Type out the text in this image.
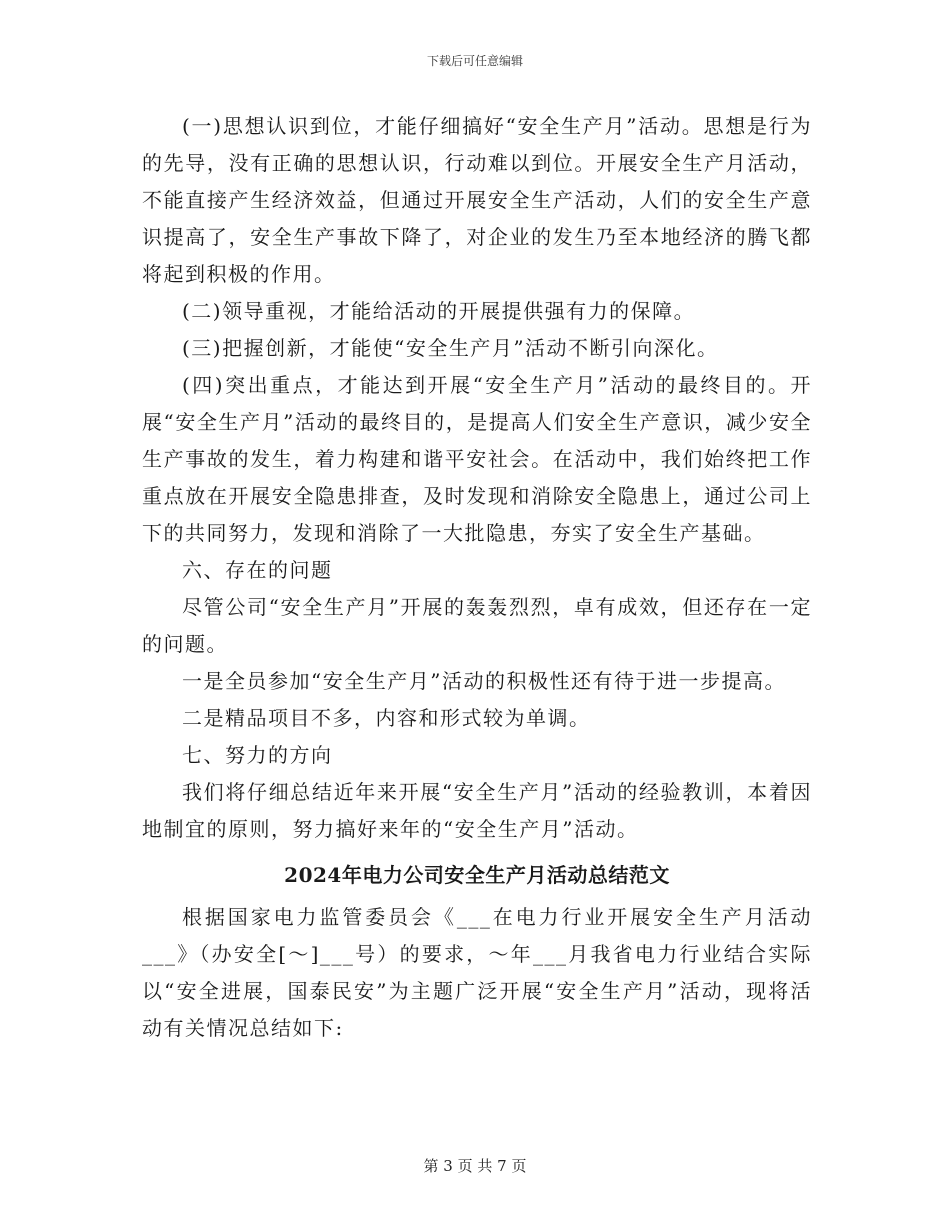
下载后可任意编辑

(一)思想认识到位，才能仔细搞好“安全生产月”活动。思想是行为的先导，没有正确的思想认识，行动难以到位。开展安全生产月活动，不能直接产生经济效益，但通过开展安全生产活动，人们的安全生产意识提高了，安全生产事故下降了，对企业的发生乃至本地经济的腾飞都将起到积极的作用。

(二)领导重视，才能给活动的开展提供强有力的保障。

(三)把握创新，才能使“安全生产月”活动不断引向深化。

(四)突出重点，才能达到开展“安全生产月”活动的最终目的。开展“安全生产月”活动的最终目的，是提高人们安全生产意识，减少安全生产事故的发生，着力构建和谐平安社会。在活动中，我们始终把工作重点放在开展安全隐患排查，及时发现和消除安全隐患上，通过公司上下的共同努力，发现和消除了一大批隐患，夯实了安全生产基础。

六、存在的问题

尽管公司“安全生产月”开展的轰轰烈烈，卓有成效，但还存在一定的问题。

一是全员参加“安全生产月”活动的积极性还有待于进一步提高。

二是精品项目不多，内容和形式较为单调。

七、努力的方向

我们将仔细总结近年来开展“安全生产月”活动的经验教训，本着因地制宜的原则，努力搞好来年的“安全生产月”活动。

2024年电力公司安全生产月活动总结范文

根据国家电力监管委员会《___在电力行业开展安全生产月活动___》（办安全[～]___号）的要求，～年___月我省电力行业结合实际以“安全进展，国泰民安”为主题广泛开展“安全生产月”活动，现将活动有关情况总结如下:

第 3 页 共 7 页
